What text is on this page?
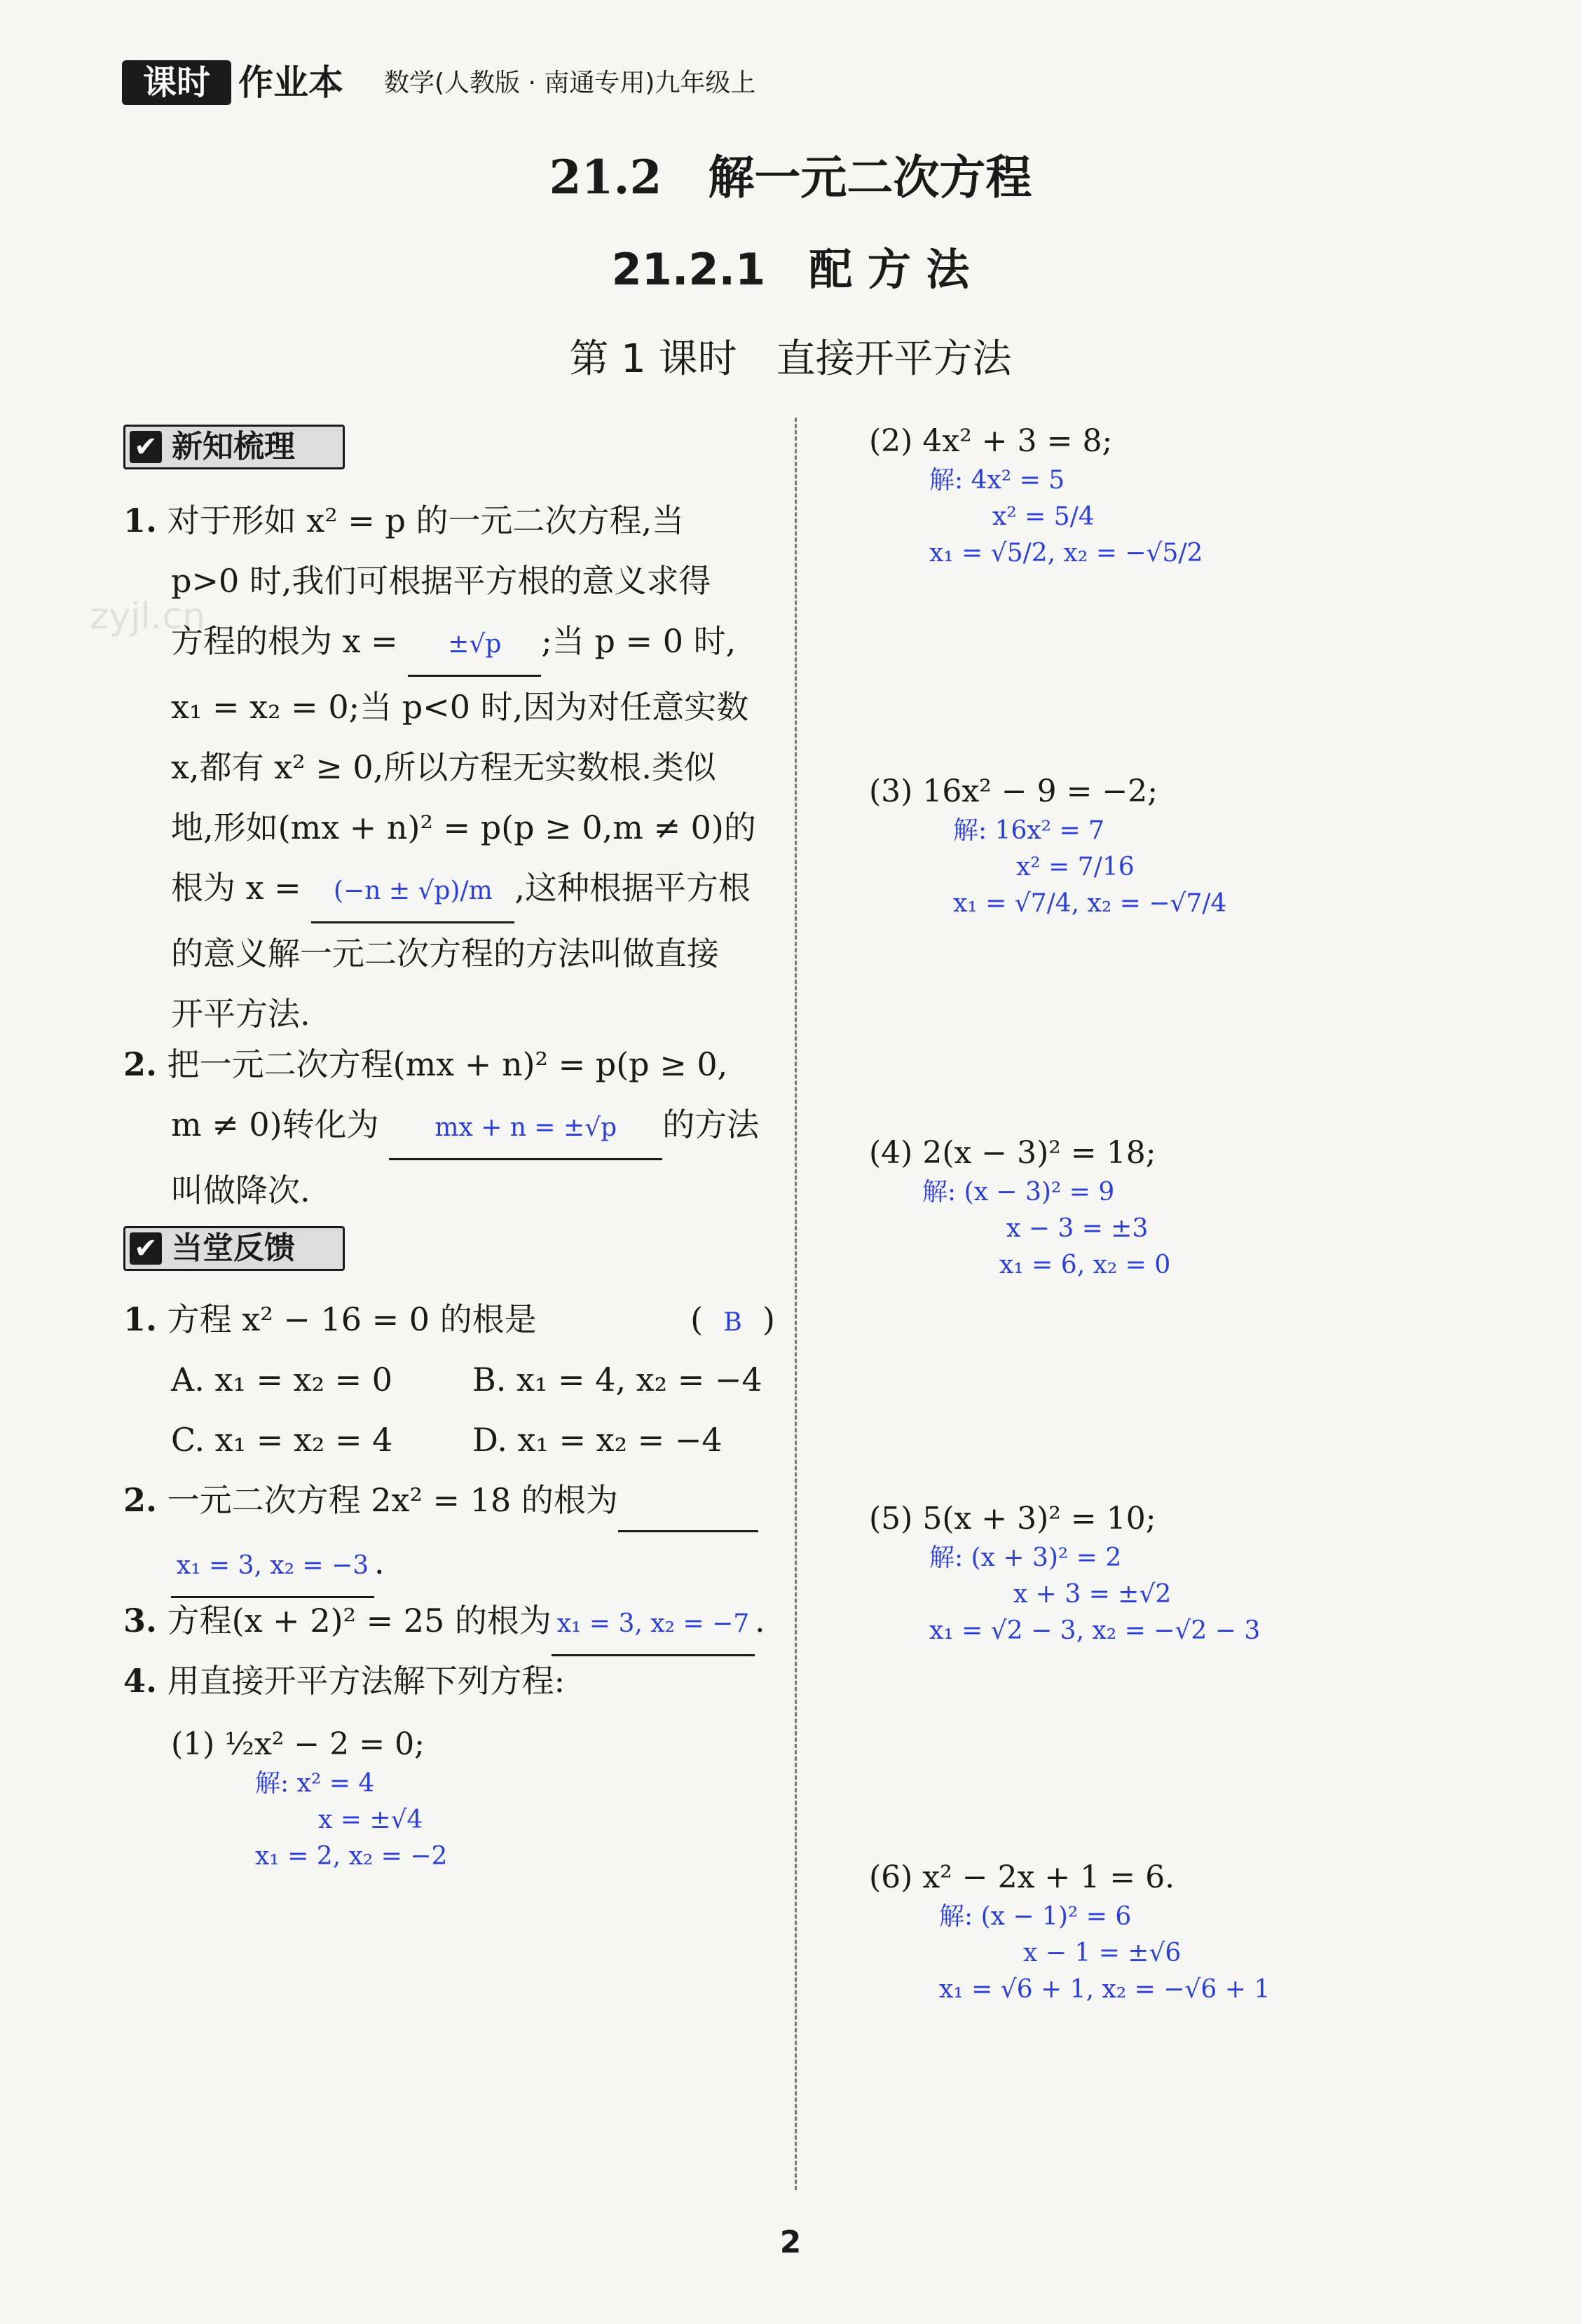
课时 作业本 数学(人教版 · 南通专用)九年级上
zyjl.cn
21.2　解一元二次方程
21.2.1　配 方 法
第 1 课时　直接开平方法
✔ 新知梳理
1. 对于形如 x² = p 的一元二次方程,当
p>0 时,我们可根据平方根的意义求得
方程的根为 x = ±√p ;当 p = 0 时,
x₁ = x₂ = 0;当 p<0 时,因为对任意实数
x,都有 x² ≥ 0,所以方程无实数根.类似
地,形如(mx + n)² = p(p ≥ 0,m ≠ 0)的
根为 x = (−n ± √p)/m ,这种根据平方根
的意义解一元二次方程的方法叫做直接
开平方法.
2. 把一元二次方程(mx + n)² = p(p ≥ 0,
m ≠ 0)转化为 mx + n = ±√p 的方法
叫做降次.
✔ 当堂反馈
1. 方程 x² − 16 = 0 的根是	(  B  )
A. x₁ = x₂ = 0	B. x₁ = 4, x₂ = −4
C. x₁ = x₂ = 4	D. x₁ = x₂ = −4
2. 一元二次方程 2x² = 18 的根为
x₁ = 3, x₂ = −3 .
3. 方程(x + 2)² = 25 的根为 x₁ = 3, x₂ = −7 .
4. 用直接开平方法解下列方程:
(1) ½x² − 2 = 0;
解: x² = 4
x = ±√4
x₁ = 2, x₂ = −2
(2) 4x² + 3 = 8;
解: 4x² = 5
x² = 5/4
x₁ = √5/2, x₂ = −√5/2
(3) 16x² − 9 = −2;
解: 16x² = 7
x² = 7/16
x₁ = √7/4, x₂ = −√7/4
(4) 2(x − 3)² = 18;
解: (x − 3)² = 9
x − 3 = ±3
x₁ = 6, x₂ = 0
(5) 5(x + 3)² = 10;
解: (x + 3)² = 2
x + 3 = ±√2
x₁ = √2 − 3, x₂ = −√2 − 3
(6) x² − 2x + 1 = 6.
解: (x − 1)² = 6
x − 1 = ±√6
x₁ = √6 + 1, x₂ = −√6 + 1
2
